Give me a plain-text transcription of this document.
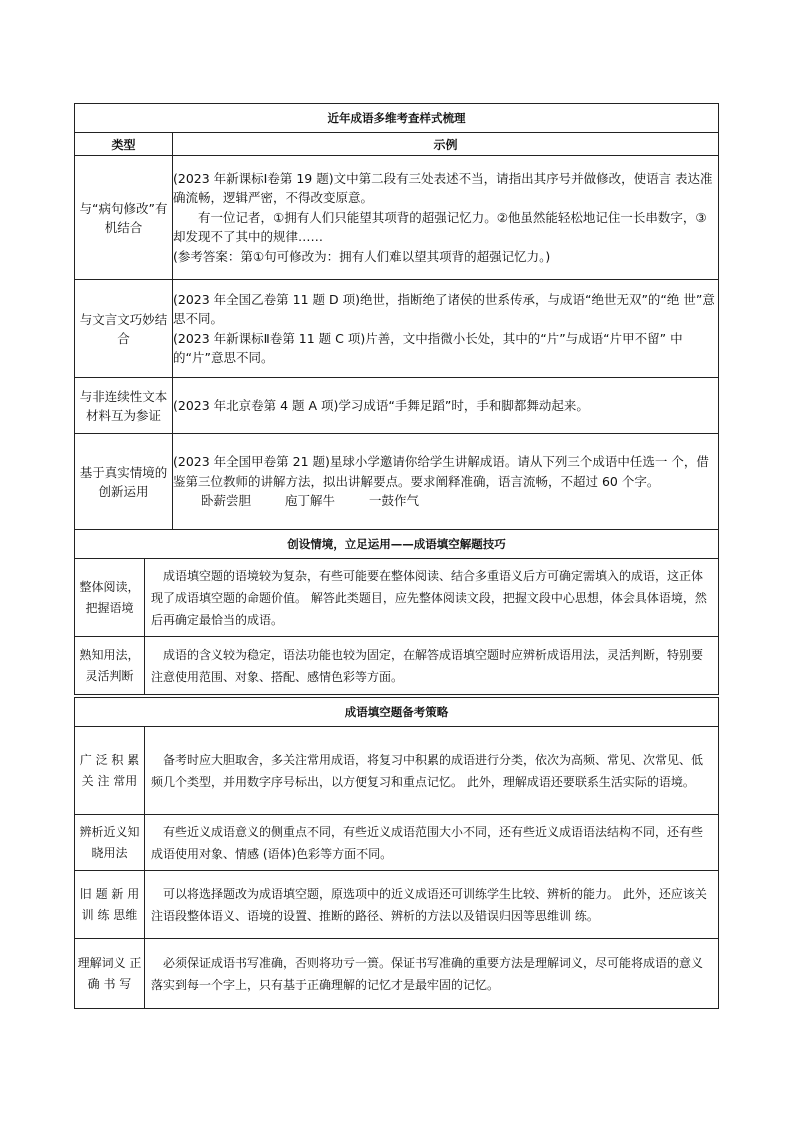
近年成语多维考查样式梳理	
类型	示例
与“病句修改”有机结合	(2023 年新课标Ⅰ卷第 19 题)文中第二段有三处表述不当，请指出其序号并做修改，使语言 表达准确流畅，逻辑严密，不得改变原意。

有一位记者，①拥有人们只能望其项背的超强记忆力。②他虽然能轻松地记住一长串数字，③却发现不了其中的规律……

(参考答案：第①句可修改为：拥有人们难以望其项背的超强记忆力。)

与文言文巧妙结合	(2023 年全国乙卷第 11 题 D 项)绝世，指断绝了诸侯的世系传承，与成语“绝世无双”的“绝 世”意思不同。

(2023 年新课标Ⅱ卷第 11 题 C 项)片善，文中指微小长处，其中的“片”与成语“片甲不留” 中的“片”意思不同。

与非连续性文本材料互为参证	(2023 年北京卷第 4 题 A 项)学习成语“手舞足蹈”时，手和脚都舞动起来。

基于真实情境的创新运用	(2023 年全国甲卷第 21 题)星球小学邀请你给学生讲解成语。请从下列三个成语中任选一 个，借鉴第三位教师的讲解方法，拟出讲解要点。要求阐释准确，语言流畅，不超过 60 个字。

卧薪尝胆 庖丁解牛 一鼓作气

创设情境，立足运用——成语填空解题技巧	
整体阅读，把握语境	成语填空题的语境较为复杂，有些可能要在整体阅读、结合多重语义后方可确定需填入的成语，这正体现了成语填空题的命题价值。 解答此类题目，应先整体阅读文段，把握文段中心思想，体会具体语境，然后再确定最恰当的成语。
熟知用法，灵活判断	成语的含义较为稳定，语法功能也较为固定，在解答成语填空题时应辨析成语用法，灵活判断，特别要注意使用范围、对象、搭配、感情色彩等方面。
成语填空题备考策略	
广 泛 积 累 关 注 常用	备考时应大胆取舍，多关注常用成语，将复习中积累的成语进行分类，依次为高频、常见、次常见、低频几个类型，并用数字序号标出，以方便复习和重点记忆。 此外，理解成语还要联系生活实际的语境。
辨析近义知晓用法	有些近义成语意义的侧重点不同，有些近义成语范围大小不同，还有些近义成语语法结构不同，还有些成语使用对象、情感 (语体)色彩等方面不同。
旧 题 新 用 训 练 思维	可以将选择题改为成语填空题，原选项中的近义成语还可训练学生比较、辨析的能力。 此外，还应该关注语段整体语义、语境的设置、推断的路径、辨析的方法以及错误归因等思维训 练。
理解词义 正 确 书 写	必须保证成语书写准确，否则将功亏一篑。保证书写准确的重要方法是理解词义，尽可能将成语的意义落实到每一个字上，只有基于正确理解的记忆才是最牢固的记忆。
